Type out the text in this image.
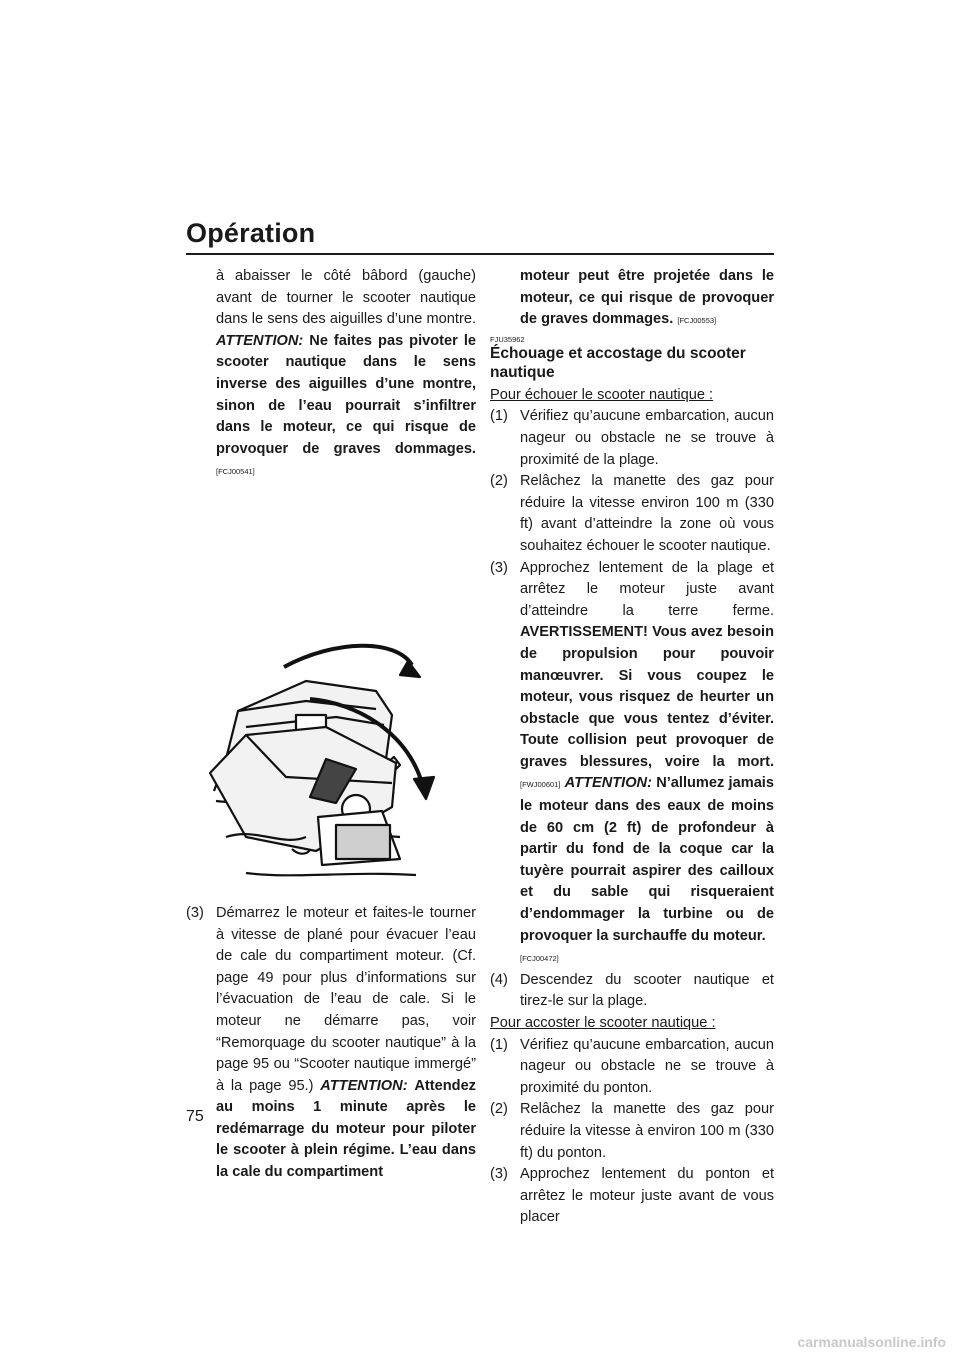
Opération

à abaisser le côté bâbord (gauche) avant de tourner le scooter nautique dans le sens des aiguilles d’une montre. ATTENTION: Ne faites pas pivoter le scooter nautique dans le sens inverse des aiguilles d’une montre, sinon de l’eau pourrait s’infiltrer dans le moteur, ce qui risque de provoquer de graves dommages. [FCJ00541]

(3) Démarrez le moteur et faites-le tourner à vitesse de plané pour évacuer l’eau de cale du compartiment moteur. (Cf. page 49 pour plus d’informations sur l’évacuation de l’eau de cale. Si le moteur ne démarre pas, voir “Remorquage du scooter nautique” à la page 95 ou “Scooter nautique immergé” à la page 95.) ATTENTION: Attendez au moins 1 minute après le redémarrage du moteur pour piloter le scooter à plein régime. L’eau dans la cale du compartiment

moteur peut être projetée dans le moteur, ce qui risque de provoquer de graves dommages. [FCJ00553]

FJU35962
Échouage et accostage du scooter nautique
Pour échouer le scooter nautique :
(1) Vérifiez qu’aucune embarcation, aucun nageur ou obstacle ne se trouve à proximité de la plage.

(2) Relâchez la manette des gaz pour réduire la vitesse environ 100 m (330 ft) avant d’atteindre la zone où vous souhaitez échouer le scooter nautique.

(3) Approchez lentement de la plage et arrêtez le moteur juste avant d’atteindre la terre ferme. AVERTISSEMENT! Vous avez besoin de propulsion pour pouvoir manœuvrer. Si vous coupez le moteur, vous risquez de heurter un obstacle que vous tentez d’éviter. Toute collision peut provoquer de graves blessures, voire la mort. [FWJ00601] ATTENTION: N’allumez jamais le moteur dans des eaux de moins de 60 cm (2 ft) de profondeur à partir du fond de la coque car la tuyère pourrait aspirer des cailloux et du sable qui risqueraient d’endommager la turbine ou de provoquer la surchauffe du moteur.
[FCJ00472]

(4) Descendez du scooter nautique et tirez-le sur la plage.

Pour accoster le scooter nautique :
(1) Vérifiez qu’aucune embarcation, aucun nageur ou obstacle ne se trouve à proximité du ponton.

(2) Relâchez la manette des gaz pour réduire la vitesse à environ 100 m (330 ft) du ponton.

(3) Approchez lentement du ponton et arrêtez le moteur juste avant de vous placer

75
carmanualsonline.info
